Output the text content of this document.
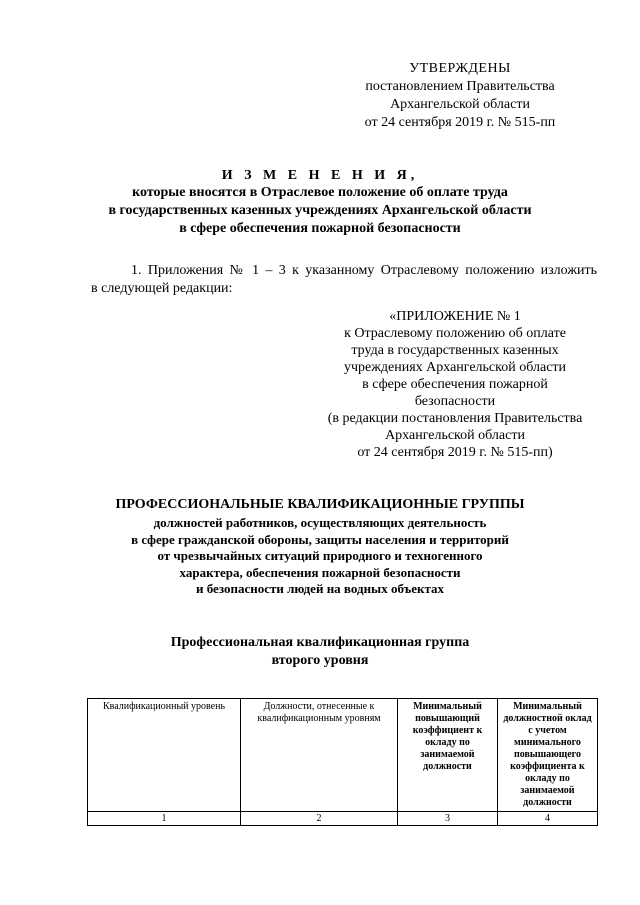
УТВЕРЖДЕНЫ
постановлением Правительства
Архангельской области
от 24 сентября 2019 г. № 515-пп
И З М Е Н Е Н И Я,
которые вносятся в Отраслевое положение об оплате труда
в государственных казенных учреждениях Архангельской области
в сфере обеспечения пожарной безопасности
1. Приложения № 1 – 3 к указанному Отраслевому положению изложить
в следующей редакции:
«ПРИЛОЖЕНИЕ № 1
к Отраслевому положению об оплате
труда в государственных казенных
учреждениях Архангельской области
в сфере обеспечения пожарной
безопасности
(в редакции постановления Правительства
Архангельской области
от 24 сентября 2019 г. № 515-пп)
ПРОФЕССИОНАЛЬНЫЕ КВАЛИФИКАЦИОННЫЕ ГРУППЫ
должностей работников, осуществляющих деятельность
в сфере гражданской обороны, защиты населения и территорий
от чрезвычайных ситуаций природного и техногенного
характера, обеспечения пожарной безопасности
и безопасности людей на водных объектах
Профессиональная квалификационная группа
второго уровня
Квалификационный уровень	Должности, отнесенные к квалификационным уровням	Минимальный повышающий коэффициент к окладу по занимаемой должности	Минимальный должностной оклад с учетом минимального повышающего коэффициента к окладу по занимаемой должности
1	2	3	4
